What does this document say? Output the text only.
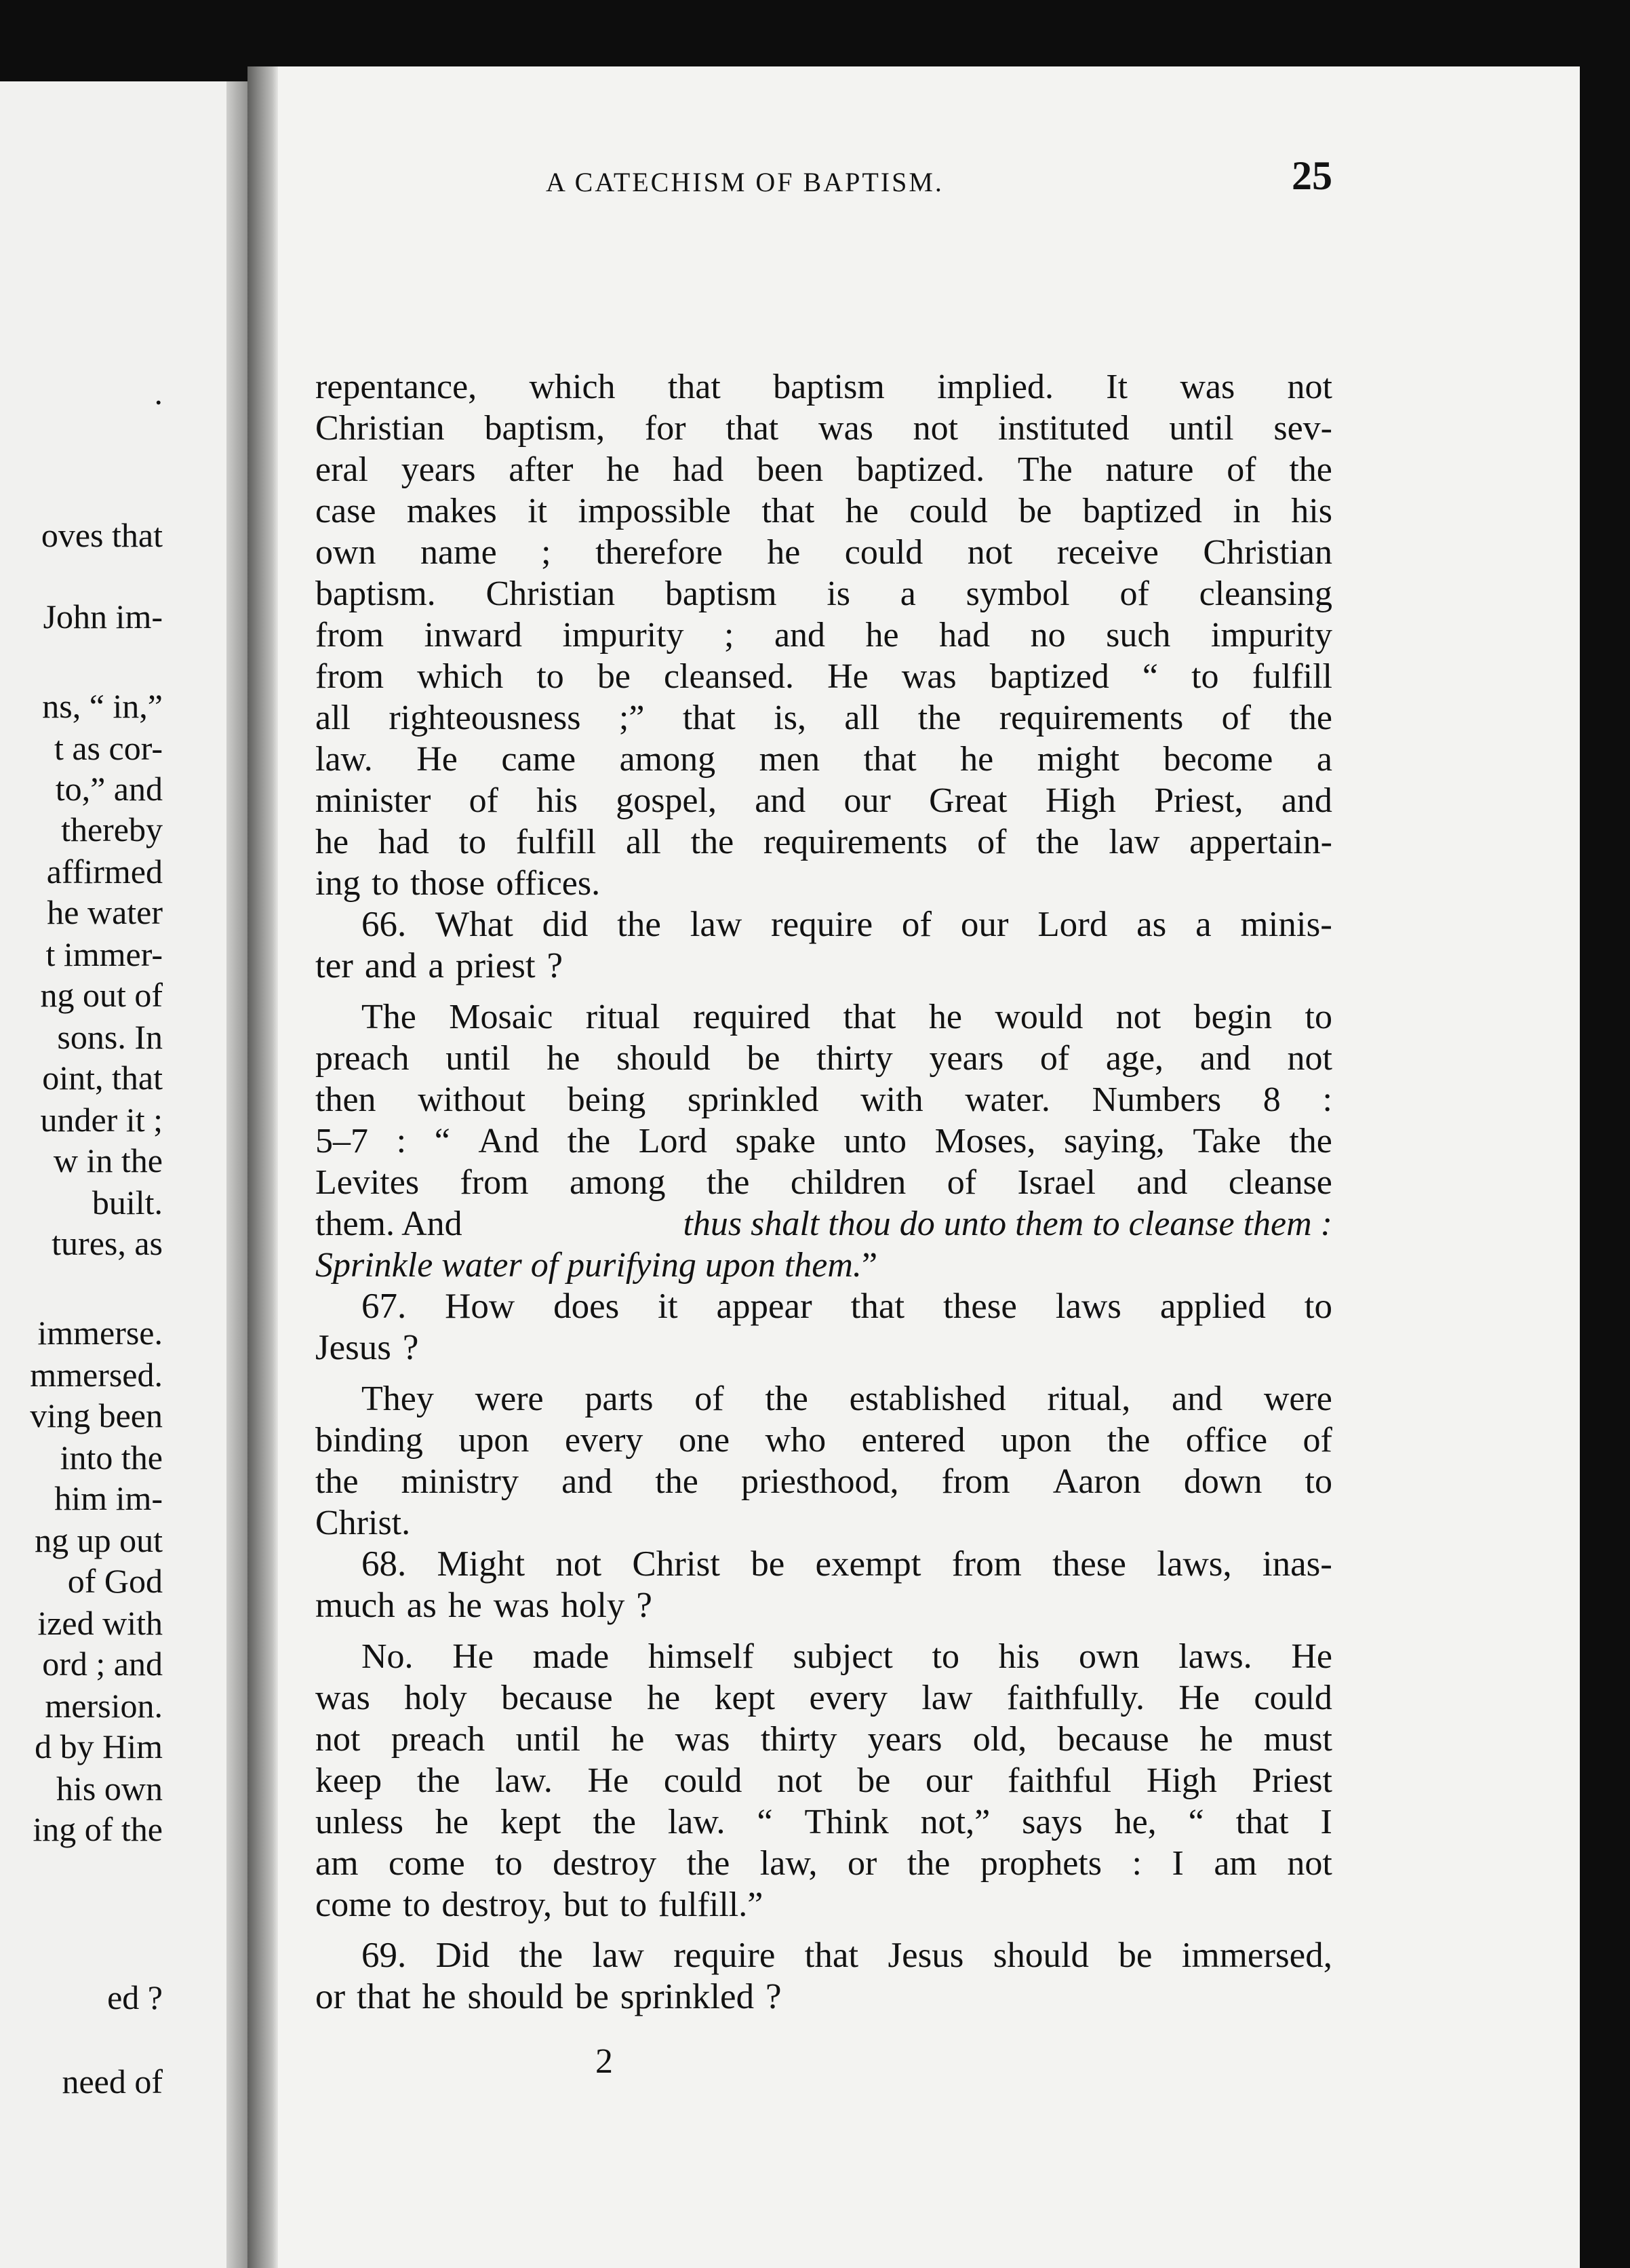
.
oves that
John im-
ns, “ in,”
t as cor-
to,” and
thereby
affirmed
he water
t immer-
ng out of
sons. In
oint, that
under it ;
w in the
built.
tures, as
immerse.
mmersed.
ving been
into the
him im-
ng up out
of God
ized with
ord ; and
mersion.
d by Him
his own
ing of the
ed ?
need of
A CATECHISM OF BAPTISM.	25
repentance, which that baptism implied. It was not
Christian baptism, for that was not instituted until sev-
eral years after he had been baptized. The nature of the
case makes it impossible that he could be baptized in his
own name ; therefore he could not receive Christian
baptism. Christian baptism is a symbol of cleansing
from inward impurity ; and he had no such impurity
from which to be cleansed. He was baptized “ to fulfill
all righteousness ;” that is, all the requirements of the
law. He came among men that he might become a
minister of his gospel, and our Great High Priest, and
he had to fulfill all the requirements of the law appertain-
ing to those offices.
66. What did the law require of our Lord as a minis-
ter and a priest ?
The Mosaic ritual required that he would not begin to
preach until he should be thirty years of age, and not
then without being sprinkled with water. Numbers 8 :
5–7 : “ And the Lord spake unto Moses, saying, Take the
Levites from among the children of Israel and cleanse
them. And	thus shalt thou do unto them to cleanse them :
Sprinkle water of purifying upon them. ”
67. How does it appear that these laws applied to
Jesus ?
They were parts of the established ritual, and were
binding upon every one who entered upon the office of
the ministry and the priesthood, from Aaron down to
Christ.
68. Might not Christ be exempt from these laws, inas-
much as he was holy ?
No. He made himself subject to his own laws. He
was holy because he kept every law faithfully. He could
not preach until he was thirty years old, because he must
keep the law. He could not be our faithful High Priest
unless he kept the law. “ Think not,” says he, “ that I
am come to destroy the law, or the prophets : I am not
come to destroy, but to fulfill.”
69. Did the law require that Jesus should be immersed,
or that he should be sprinkled ?
2
